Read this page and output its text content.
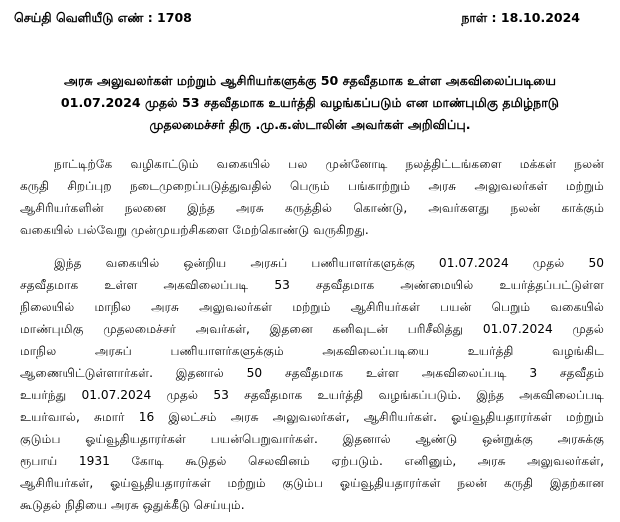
செய்தி வெளியீடு எண் : 1708	நாள் : 18.10.2024
அரசு அலுவலர்கள் மற்றும் ஆசிரியர்களுக்கு 50 சதவீதமாக உள்ள அகவிலைப்படியை
01.07.2024 முதல் 53 சதவீதமாக உயர்த்தி வழங்கப்படும் என மாண்புமிகு தமிழ்நாடு
முதலமைச்சர் திரு .மு.க.ஸ்டாலின் அவர்கள் அறிவிப்பு.
நாட்டிற்கே வழிகாட்டும் வகையில் பல முன்னோடி நலத்திட்டங்களை மக்கள் நலன்
கருதி சிறப்புற நடைமுறைப்படுத்துவதில் பெரும் பங்காற்றும் அரசு அலுவலர்கள் மற்றும்
ஆசிரியர்களின் நலனை இந்த அரசு கருத்தில் கொண்டு, அவர்களது நலன் காக்கும்
வகையில் பல்வேறு முன்முயற்சிகளை மேற்கொண்டு வருகிறது.
இந்த வகையில் ஒன்றிய அரசுப் பணியாளர்களுக்கு 01.07.2024 முதல் 50
சதவீதமாக உள்ள அகவிலைப்படி 53 சதவீதமாக அண்மையில் உயர்த்தப்பட்டுள்ள
நிலையில் மாநில அரசு அலுவலர்கள் மற்றும் ஆசிரியர்கள் பயன் பெறும் வகையில்
மாண்புமிகு முதலமைச்சர் அவர்கள், இதனை கனிவுடன் பரிசீலித்து 01.07.2024 முதல்
மாநில அரசுப் பணியாளர்களுக்கும் அகவிலைப்படியை உயர்த்தி வழங்கிட
ஆணையிட்டுள்ளார்கள். இதனால் 50 சதவீதமாக உள்ள அகவிலைப்படி 3 சதவீதம்
உயர்ந்து 01.07.2024 முதல் 53 சதவீதமாக உயர்த்தி வழங்கப்படும். இந்த அகவிலைப்படி
உயர்வால், சுமார் 16 இலட்சம் அரசு அலுவலர்கள், ஆசிரியர்கள். ஓய்வூதியதாரர்கள் மற்றும்
குடும்ப ஓய்வூதியதாரர்கள் பயன்பெறுவார்கள். இதனால் ஆண்டு ஒன்றுக்கு அரசுக்கு
ரூபாய் 1931 கோடி கூடுதல் செலவினம் ஏற்படும். எனினும், அரசு அலுவலர்கள்,
ஆசிரியர்கள், ஓய்வூதியதாரர்கள் மற்றும் குடும்ப ஓய்வூதியதாரர்கள் நலன் கருதி இதற்கான
கூடுதல் நிதியை அரசு ஒதுக்கீடு செய்யும்.
